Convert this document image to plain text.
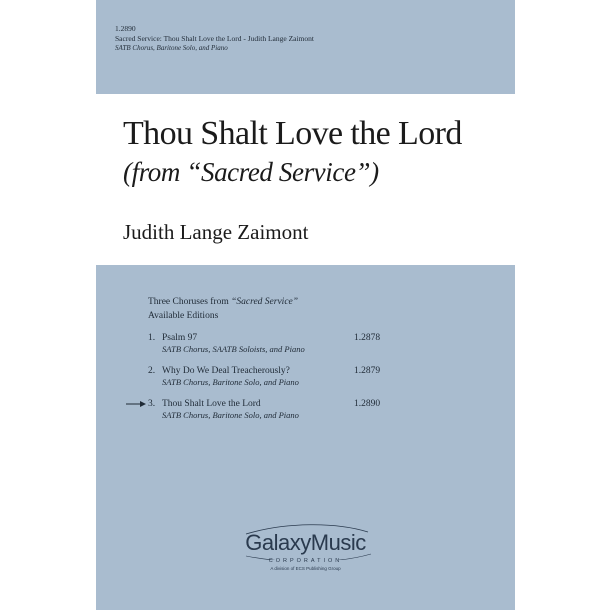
1.2890
Sacred Service: Thou Shalt Love the Lord - Judith Lange Zaimont
SATB Chorus, Baritone Solo, and Piano
Thou Shalt Love the Lord
(from “Sacred Service”)
Judith Lange Zaimont
Three Choruses from “Sacred Service”
Available Editions
1. Psalm 97
SATB Chorus, SAATB Soloists, and Piano
1.2878
2. Why Do We Deal Treacherously?
SATB Chorus, Baritone Solo, and Piano
1.2879
3. Thou Shalt Love the Lord
SATB Chorus, Baritone Solo, and Piano
1.2890
GalaxyMusic
CORPORATION
A division of ECS Publishing Group
